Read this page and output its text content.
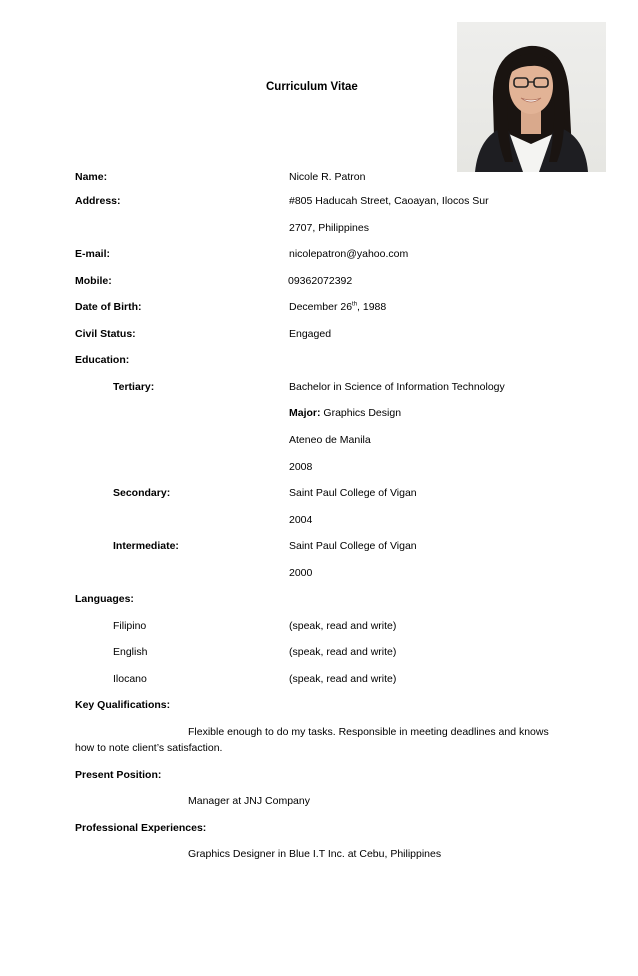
Curriculum Vitae
Name:	Nicole R. Patron
Address:	#805 Haducah Street, Caoayan, Ilocos Sur
2707, Philippines
E-mail:	nicolepatron@yahoo.com
Mobile:	09362072392
Date of Birth:	December 26th, 1988
Civil Status:	Engaged
Education:
Tertiary:	Bachelor in Science of Information Technology
Major: Graphics Design
Ateneo de Manila
2008
Secondary:	Saint Paul College of Vigan
2004
Intermediate:	Saint Paul College of Vigan
2000
Languages:
Filipino	(speak, read and write)
English	(speak, read and write)
Ilocano	(speak, read and write)
Key Qualifications:
Flexible enough to do my tasks. Responsible in meeting deadlines and knows
how to note client’s satisfaction.
Present Position:
Manager at JNJ Company
Professional Experiences:
Graphics Designer in Blue I.T Inc. at Cebu, Philippines
